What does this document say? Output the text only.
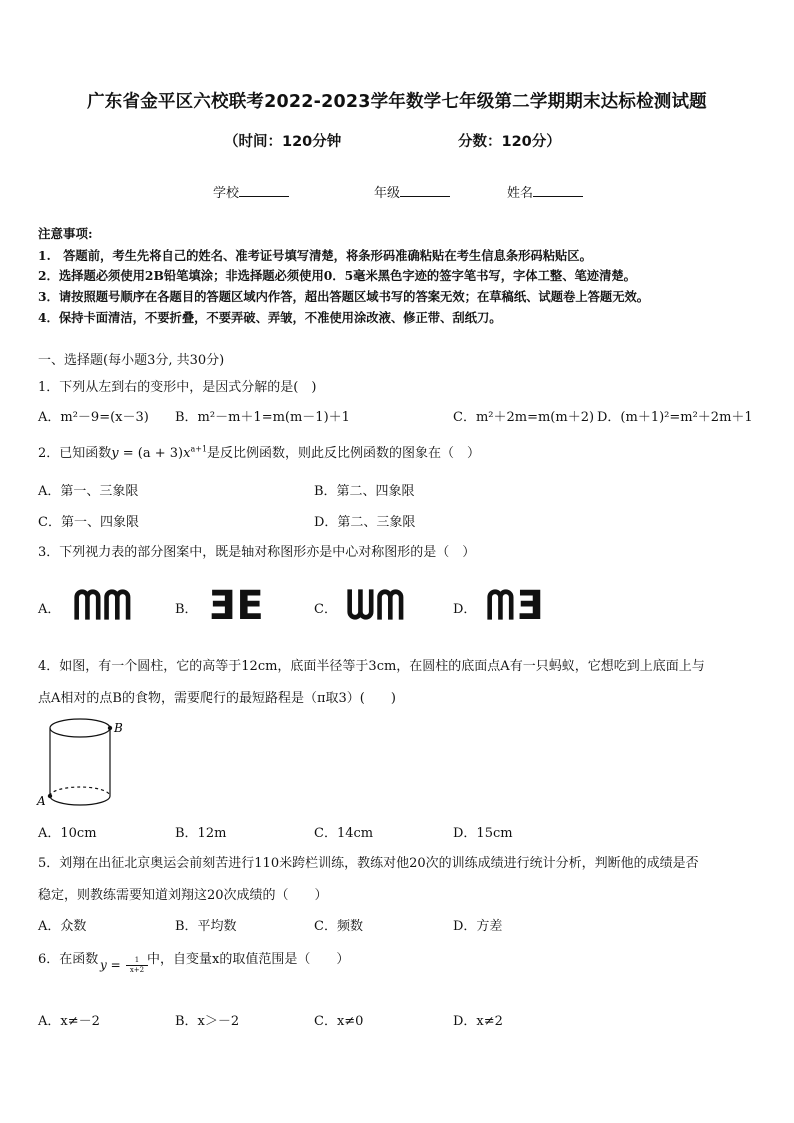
广东省金平区六校联考2022-2023学年数学七年级第二学期期末达标检测试题
（时间：120分钟	分数：120分）
学校	年级	姓名
注意事项:
1.　答题前，考生先将自己的姓名、准考证号填写清楚，将条形码准确粘贴在考生信息条形码粘贴区。
2．选择题必须使用2B铅笔填涂；非选择题必须使用0．5毫米黑色字迹的签字笔书写，字体工整、笔迹清楚。
3．请按照题号顺序在各题目的答题区域内作答，超出答题区域书写的答案无效；在草稿纸、试题卷上答题无效。
4．保持卡面清洁，不要折叠，不要弄破、弄皱，不准使用涂改液、修正带、刮纸刀。
一、选择题(每小题3分, 共30分)
1．下列从左到右的变形中，是因式分解的是(　)
A．m²－9=(x－3) B．m²－m＋1=m(m－1)＋1	C．m²＋2m=m(m＋2) D．(m＋1)²=m²＋2m＋1
2．已知函数$y = (a + 3)x^{a+1}$是反比例函数，则此反比例函数的图象在（　）
A．第一、三象限	B．第二、四象限
C．第一、四象限	D．第二、三象限
3．下列视力表的部分图案中，既是轴对称图形亦是中心对称图形的是（　）
A． ᗰᗰ	B． ƎE	C． ᗯᗰ	D． ᗰƎ
4．如图，有一个圆柱，它的高等于12cm，底面半径等于3cm，在圆柱的底面点A有一只蚂蚁，它想吃到上底面上与
点A相对的点B的食物，需要爬行的最短路程是（π取3）(　　)
B
A
A．10cm	B．12m	C．14cm	D．15cm
5．刘翔在出征北京奥运会前刻苦进行110米跨栏训练，教练对他20次的训练成绩进行统计分析，判断他的成绩是否
稳定，则教练需要知道刘翔这20次成绩的（　　）
A．众数	B．平均数	C．频数	D．方差
6．在函数 $y = \frac{1}{x+2}$ 中，自变量x的取值范围是（　　）
A．x≠－2	B．x＞－2	C．x≠0	D．x≠2
